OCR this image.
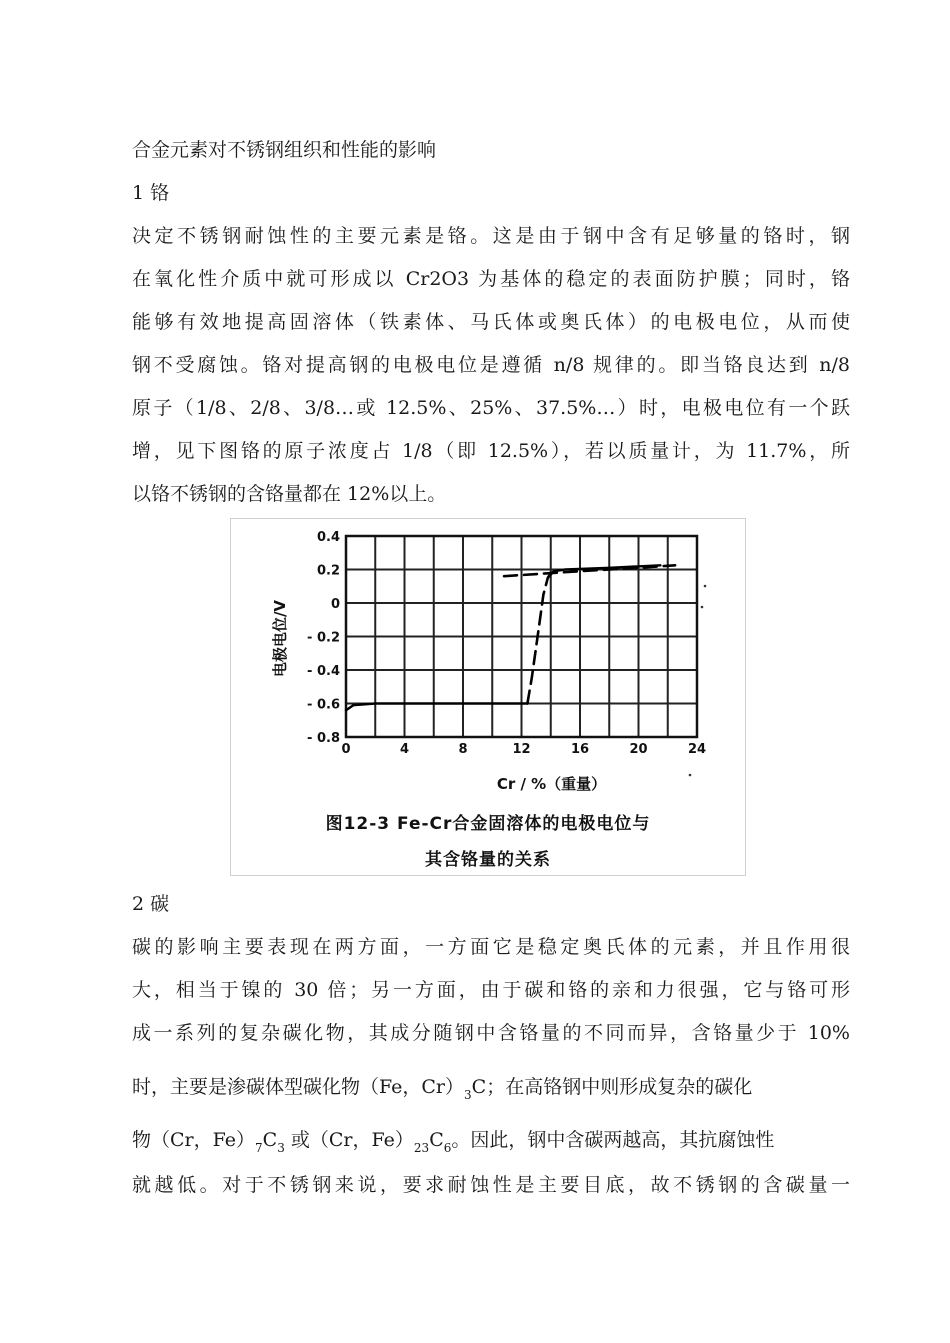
合金元素对不锈钢组织和性能的影响
1 铬
决定不锈钢耐蚀性的主要元素是铬。这是由于钢中含有足够量的铬时，钢
在氧化性介质中就可形成以 Cr2O3 为基体的稳定的表面防护膜；同时，铬
能够有效地提高固溶体（铁素体、马氏体或奥氏体）的电极电位，从而使
钢不受腐蚀。铬对提高钢的电极电位是遵循 n/8 规律的。即当铬良达到 n/8
原子（1/8、2/8、3/8…或 12.5%、25%、37.5%…）时，电极电位有一个跃
增，见下图铬的原子浓度占 1/8（即 12.5%），若以质量计，为 11.7%，所
以铬不锈钢的含铬量都在 12%以上。
0.4
0.2
0
- 0.2
- 0.4
- 0.6
- 0.8
0	4	8	12	16	20	24
电极电位/V
Cr / %（重量）
图12-3 Fe-Cr合金固溶体的电极电位与
其含铬量的关系
2 碳
碳的影响主要表现在两方面，一方面它是稳定奥氏体的元素，并且作用很
大，相当于镍的 30 倍；另一方面，由于碳和铬的亲和力很强，它与铬可形
成一系列的复杂碳化物，其成分随钢中含铬量的不同而异，含铬量少于 10%
时，主要是渗碳体型碳化物（Fe，$Cr)_3C$；在高铬钢中则形成复杂的碳化
物（Cr，$Fe)_7C_3$ 或（Cr，$Fe)_{23}C_6$。因此，钢中含碳两越高，其抗腐蚀性
就越低。对于不锈钢来说，要求耐蚀性是主要目底，故不锈钢的含碳量一
